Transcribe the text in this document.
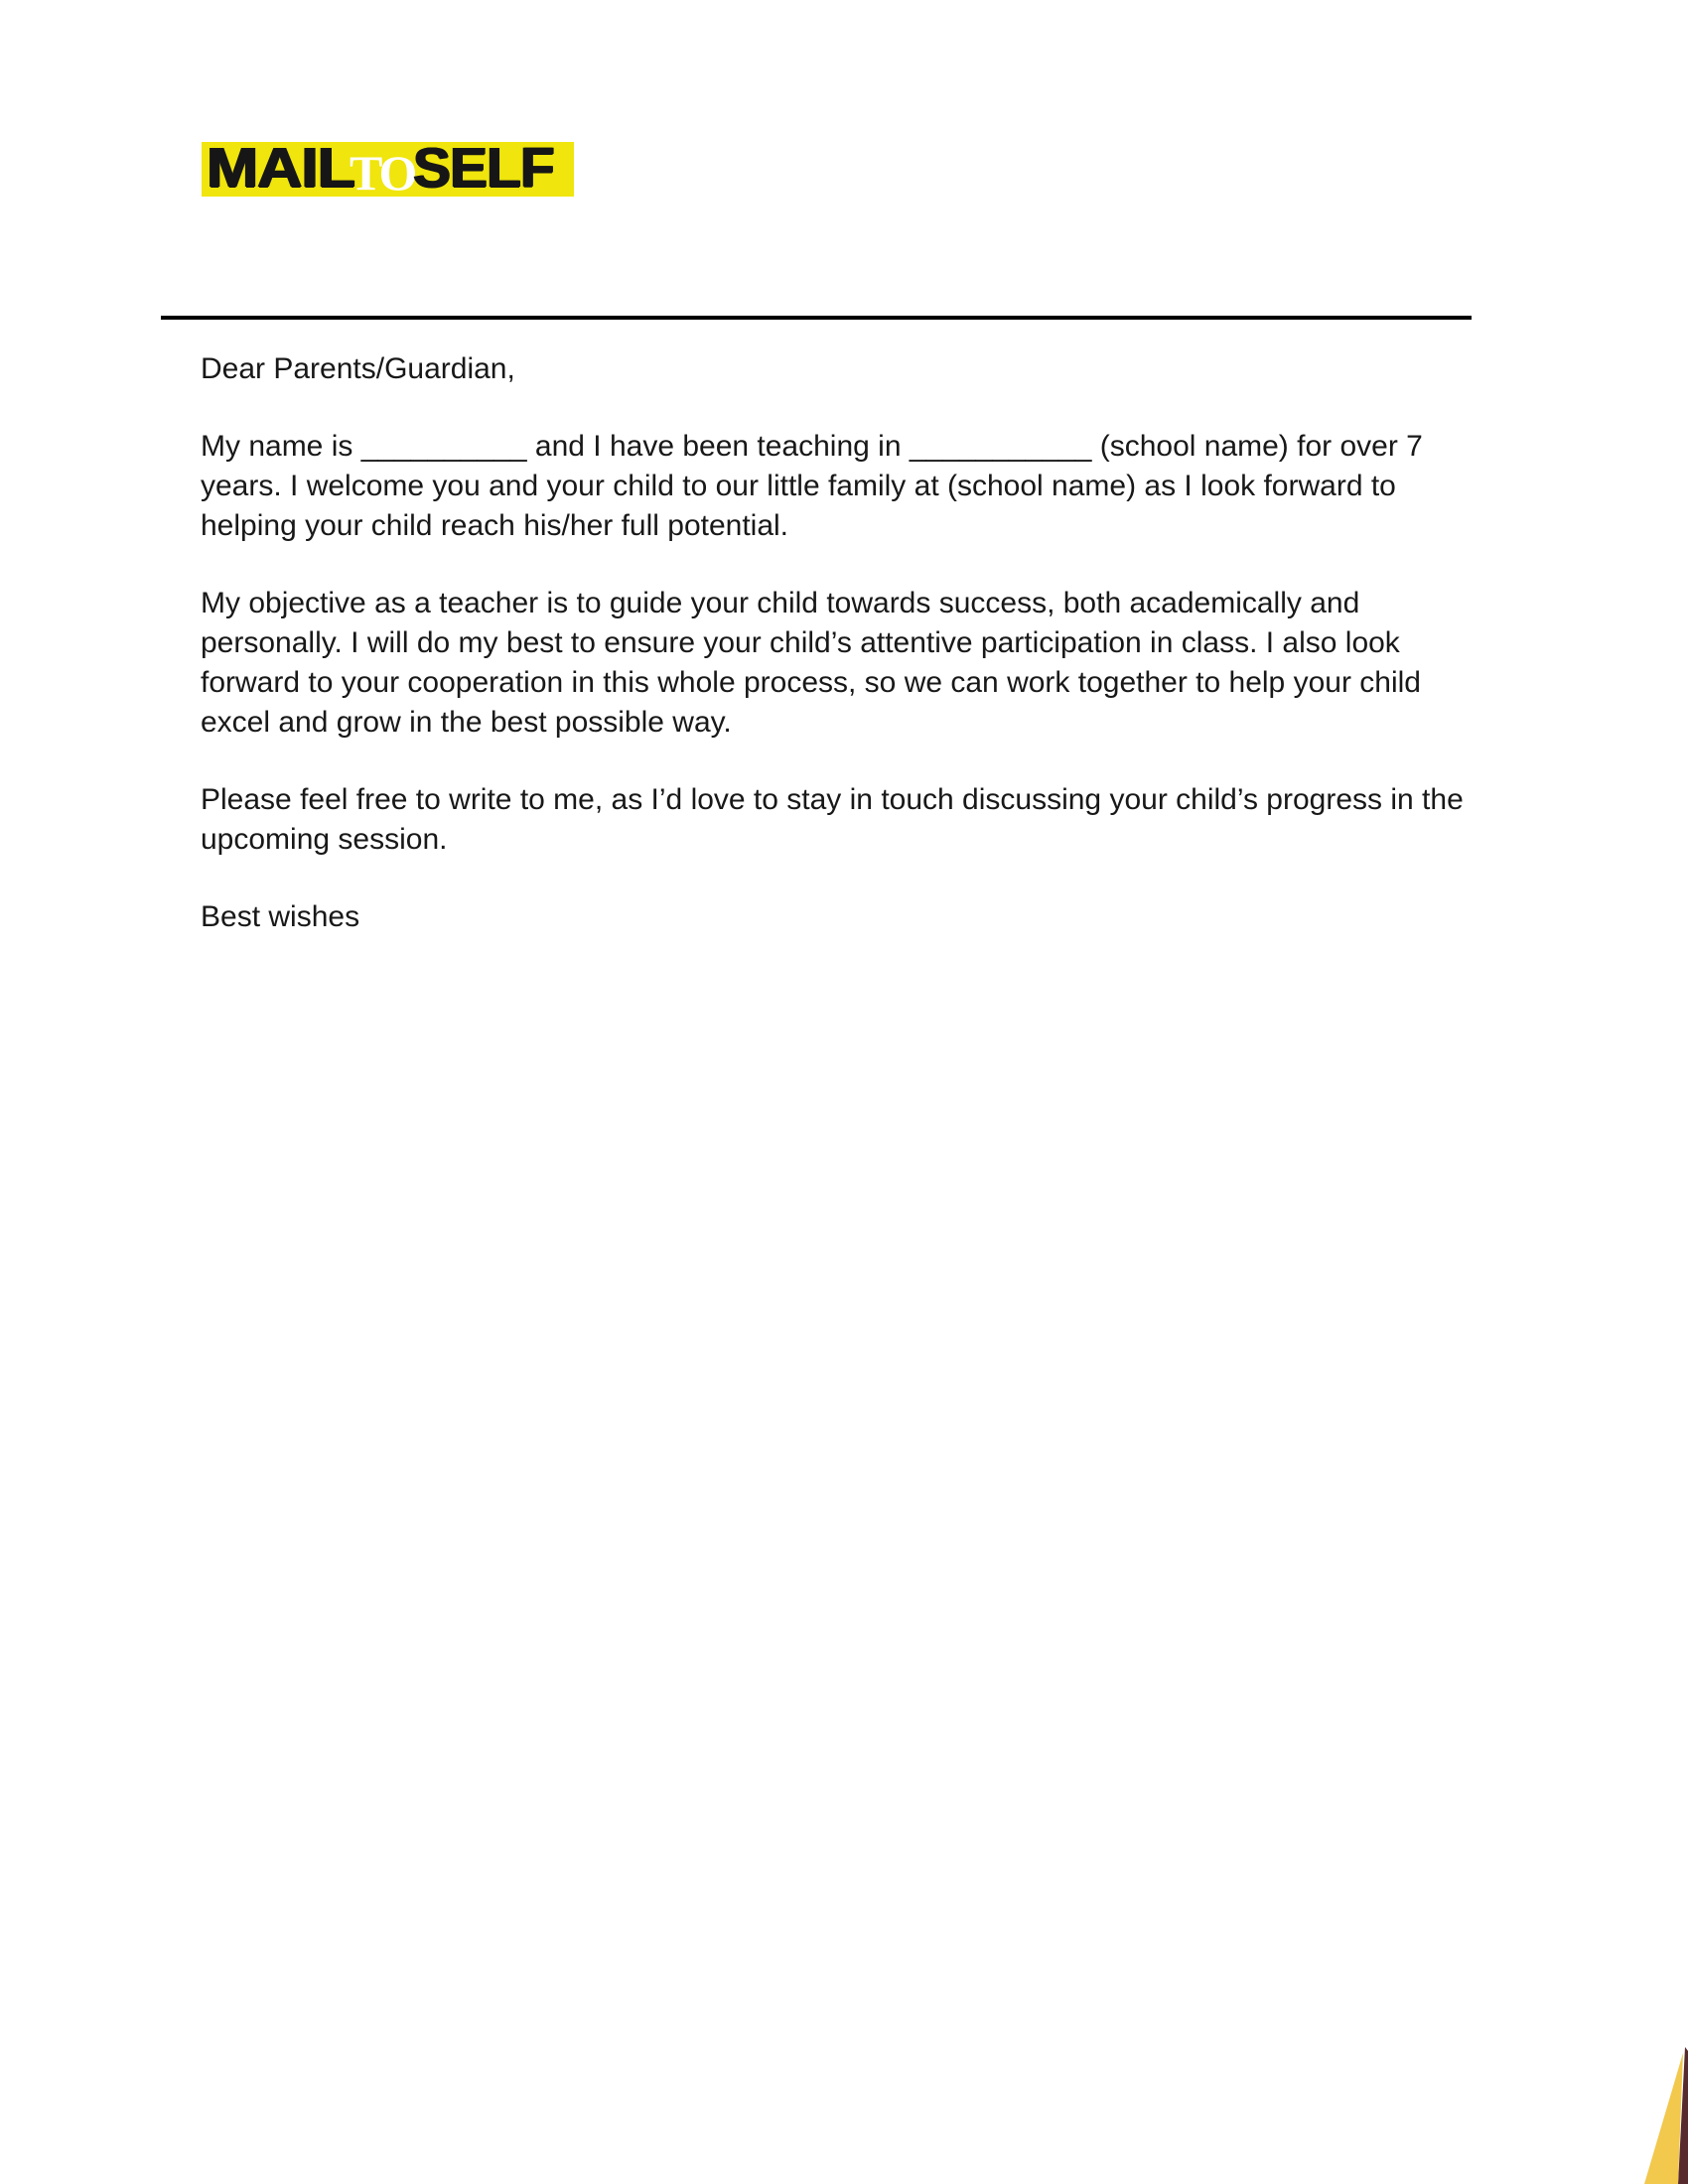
MAIL
TO
SELF
Dear Parents/Guardian,
My name is __________ and I have been teaching in ___________ (school name) for over 7
years. I welcome you and your child to our little family at (school name) as I look forward to
helping your child reach his/her full potential.
My objective as a teacher is to guide your child towards success, both academically and
personally. I will do my best to ensure your child’s attentive participation in class. I also look
forward to your cooperation in this whole process, so we can work together to help your child
excel and grow in the best possible way.
Please feel free to write to me, as I’d love to stay in touch discussing your child’s progress in the
upcoming session.
Best wishes
